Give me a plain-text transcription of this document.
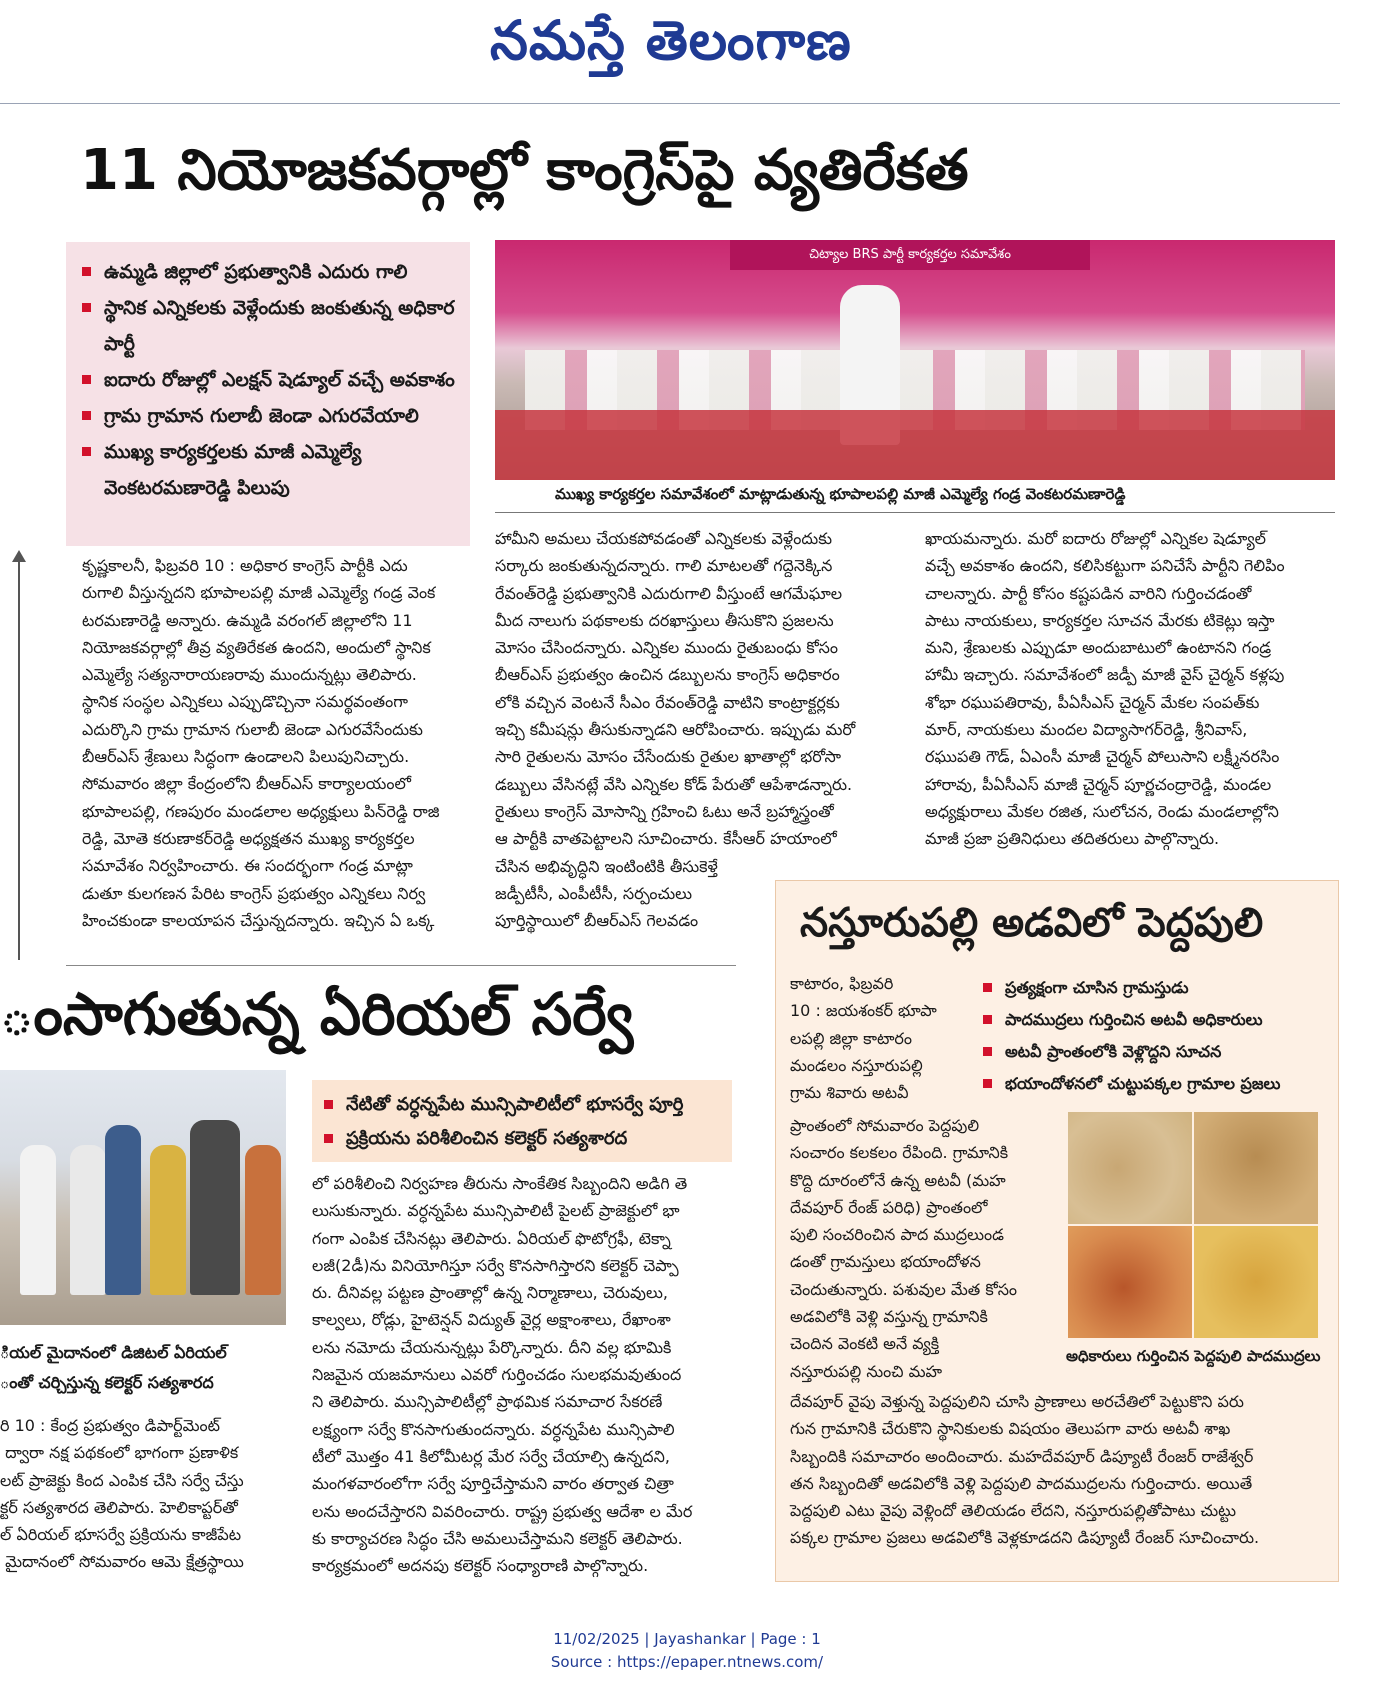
నమస్తే తెలంగాణ
11 నియోజకవర్గాల్లో కాంగ్రెస్‌పై వ్యతిరేకత
ఉమ్మడి జిల్లాలో ప్రభుత్వానికి ఎదురు గాలి
స్థానిక ఎన్నికలకు వెళ్లేందుకు జంకుతున్న అధికార పార్టీ
ఐదారు రోజుల్లో ఎలక్షన్‌ షెడ్యూల్‌ వచ్చే అవకాశం
గ్రామ గ్రామాన గులాబీ జెండా ఎగురవేయాలి
ముఖ్య కార్యకర్తలకు మాజీ ఎమ్మెల్యే వెంకటరమణారెడ్డి పిలుపు
చిట్యాల BRS పార్టీ కార్యకర్తల సమావేశం
ముఖ్య కార్యకర్తల సమావేశంలో మాట్లాడుతున్న భూపాలపల్లి మాజీ ఎమ్మెల్యే గండ్ర వెంకటరమణారెడ్డి
కృష్ణకాలనీ, ఫిబ్రవరి 10 : అధికార కాంగ్రెస్‌ పార్టీకి ఎదు
రుగాలి వీస్తున్నదని భూపాలపల్లి మాజీ ఎమ్మెల్యే గండ్ర వెంక
టరమణారెడ్డి అన్నారు. ఉమ్మడి వరంగల్‌ జిల్లాలోని 11
నియోజకవర్గాల్లో తీవ్ర వ్యతిరేకత ఉందని, అందులో స్థానిక
ఎమ్మెల్యే సత్యనారాయణరావు ముందున్నట్లు తెలిపారు.
స్థానిక సంస్థల ఎన్నికలు ఎప్పుడొచ్చినా సమర్థవంతంగా
ఎదుర్కొని గ్రామ గ్రామాన గులాబీ జెండా ఎగురవేసేందుకు
బీఆర్‌ఎస్‌ శ్రేణులు సిద్ధంగా ఉండాలని పిలుపునిచ్చారు.
సోమవారం జిల్లా కేంద్రంలోని బీఆర్‌ఎస్‌ కార్యాలయంలో
భూపాలపల్లి, గణపురం మండలాల అధ్యక్షులు పిన్‌రెడ్డి రాజి
రెడ్డి, మోతె కరుణాకర్‌రెడ్డి అధ్యక్షతన ముఖ్య కార్యకర్తల
సమావేశం నిర్వహించారు. ఈ సందర్భంగా గండ్ర మాట్లా
డుతూ కులగణన పేరిట కాంగ్రెస్‌ ప్రభుత్వం ఎన్నికలు నిర్వ
హించకుండా కాలయాపన చేస్తున్నదన్నారు. ఇచ్చిన ఏ ఒక్క
హామీని అమలు చేయకపోవడంతో ఎన్నికలకు వెళ్లేందుకు
సర్కారు జంకుతున్నదన్నారు. గాలి మాటలతో గద్దెనెక్కిన
రేవంత్‌రెడ్డి ప్రభుత్వానికి ఎదురుగాలి వీస్తుంటే ఆగమేఘాల
మీద నాలుగు పథకాలకు దరఖాస్తులు తీసుకొని ప్రజలను
మోసం చేసిందన్నారు. ఎన్నికల ముందు రైతుబంధు కోసం
బీఆర్‌ఎస్‌ ప్రభుత్వం ఉంచిన డబ్బులను కాంగ్రెస్‌ అధికారం
లోకి వచ్చిన వెంటనే సీఎం రేవంత్‌రెడ్డి వాటిని కాంట్రాక్టర్లకు
ఇచ్చి కమీషన్లు తీసుకున్నాడని ఆరోపించారు. ఇప్పుడు మరో
సారి రైతులను మోసం చేసేందుకు రైతుల ఖాతాల్లో భరోసా
డబ్బులు వేసినట్లే వేసి ఎన్నికల కోడ్‌ పేరుతో ఆపేశాడన్నారు.
రైతులు కాంగ్రెస్‌ మోసాన్ని గ్రహించి ఓటు అనే బ్రహ్మాస్త్రంతో
ఆ పార్టీకి వాతపెట్టాలని సూచించారు. కేసీఆర్‌ హయాంలో
చేసిన అభివృద్ధిని ఇంటింటికి తీసుకెళ్తే
జడ్పీటీసీ, ఎంపీటీసీ, సర్పంచులు
పూర్తిస్థాయిలో బీఆర్‌ఎస్‌ గెలవడం
ఖాయమన్నారు. మరో ఐదారు రోజుల్లో ఎన్నికల షెడ్యూల్‌
వచ్చే అవకాశం ఉందని, కలిసికట్టుగా పనిచేసే పార్టీని గెలిపిం
చాలన్నారు. పార్టీ కోసం కష్టపడిన వారిని గుర్తించడంతో
పాటు నాయకులు, కార్యకర్తల సూచన మేరకు టికెట్లు ఇస్తా
మని, శ్రేణులకు ఎప్పుడూ అందుబాటులో ఉంటానని గండ్ర
హామీ ఇచ్చారు. సమావేశంలో జడ్పీ మాజీ వైస్‌ చైర్మన్‌ కళ్లపు
శోభా రఘుపతిరావు, పీఏసీఎస్‌ చైర్మన్‌ మేకల సంపత్‌కు
మార్‌, నాయకులు మందల విద్యాసాగర్‌రెడ్డి, శ్రీనివాస్‌,
రఘుపతి గౌడ్‌, ఏఎంసీ మాజీ చైర్మన్‌ పోలుసాని లక్ష్మీనరసిం
హారావు, పీఏసీఎస్‌ మాజీ చైర్మన్‌ పూర్ణచంద్రారెడ్డి, మండల
అధ్యక్షురాలు మేకల రజిత, సులోచన, రెండు మండలాల్లోని
మాజీ ప్రజా ప్రతినిధులు తదితరులు పాల్గొన్నారు.
ంసాగుతున్న ఏరియల్‌ సర్వే
ియల్‌ మైదానంలో డిజిటల్‌ ఏరియల్‌
ంతో చర్చిస్తున్న కలెక్టర్‌ సత్యశారద
నేటితో వర్ధన్నపేట మున్సిపాలిటీలో భూసర్వే పూర్తి
ప్రక్రియను పరిశీలించిన కలెక్టర్‌ సత్యశారద
రి 10 : కేంద్ర ప్రభుత్వం డిపార్ట్‌మెంట్‌
ద్వారా నక్ష పథకంలో భాగంగా ప్రణాళిక
లట్‌ ప్రాజెక్టు కింద ఎంపిక చేసి సర్వే చేస్తు
క్టర్‌ సత్యశారద తెలిపారు. హెలికాప్టర్‌తో
ల్‌ ఏరియల్‌ భూసర్వే ప్రక్రియను కాజీపేట
మైదానంలో సోమవారం ఆమె క్షేత్రస్థాయి
లో పరిశీలించి నిర్వహణ తీరును సాంకేతిక సిబ్బందిని అడిగి తె
లుసుకున్నారు. వర్ధన్నపేట మున్సిపాలిటీ పైలట్‌ ప్రాజెక్టులో భా
గంగా ఎంపిక చేసినట్లు తెలిపారు. ఏరియల్‌ ఫొటోగ్రఫీ, టెక్నా
లజీ(2డీ)ను వినియోగిస్తూ సర్వే కొనసాగిస్తారని కలెక్టర్‌ చెప్పా
రు. దీనివల్ల పట్టణ ప్రాంతాల్లో ఉన్న నిర్మాణాలు, చెరువులు,
కాల్వలు, రోడ్లు, హైటెన్షన్‌ విద్యుత్‌ వైర్ల అక్షాంశాలు, రేఖాంశా
లను నమోదు చేయనున్నట్లు పేర్కొన్నారు. దీని వల్ల భూమికి
నిజమైన యజమానులు ఎవరో గుర్తించడం సులభమవుతుంద
ని తెలిపారు. మున్సిపాలిటీల్లో ప్రాథమిక సమాచార సేకరణే
లక్ష్యంగా సర్వే కొనసాగుతుందన్నారు. వర్ధన్నపేట మున్సిపాలి
టీలో మొత్తం 41 కిలోమీటర్ల మేర సర్వే చేయాల్సి ఉన్నదని,
మంగళవారంలోగా సర్వే పూర్తిచేస్తామని వారం తర్వాత చిత్రా
లను అందచేస్తారని వివరించారు. రాష్ట్ర ప్రభుత్వ ఆదేశా ల మేర
కు కార్యాచరణ సిద్ధం చేసి అమలుచేస్తామని కలెక్టర్‌ తెలిపారు.
కార్యక్రమంలో అదనపు కలెక్టర్‌ సంధ్యారాణి పాల్గొన్నారు.
నస్తూరుపల్లి అడవిలో పెద్దపులి
ప్రత్యక్షంగా చూసిన గ్రామస్తుడు
పాదముద్రలు గుర్తించిన అటవీ అధికారులు
అటవీ ప్రాంతంలోకి వెళ్లొద్దని సూచన
భయాందోళనలో చుట్టుపక్కల గ్రామాల ప్రజలు
కాటారం, ఫిబ్రవరి
10 : జయశంకర్‌ భూపా
లపల్లి జిల్లా కాటారం
మండలం నస్తూరుపల్లి
గ్రామ శివారు అటవీ
ప్రాంతంలో సోమవారం పెద్దపులి
సంచారం కలకలం రేపింది. గ్రామానికి
కొద్ది దూరంలోనే ఉన్న అటవీ (మహ
దేవపూర్‌ రేంజ్‌ పరిధి) ప్రాంతంలో
పులి సంచరించిన పాద ముద్రలుండ
డంతో గ్రామస్తులు భయాందోళన
చెందుతున్నారు. పశువుల మేత కోసం
అడవిలోకి వెళ్లి వస్తున్న గ్రామానికి
చెందిన వెంకటి అనే వ్యక్తి
నస్తూరుపల్లి నుంచి మహ
అధికారులు గుర్తించిన పెద్దపులి పాదముద్రలు
దేవపూర్‌ వైపు వెళ్తున్న పెద్దపులిని చూసి ప్రాణాలు అరచేతిలో పెట్టుకొని పరు
గున గ్రామానికి చేరుకొని స్థానికులకు విషయం తెలుపగా వారు అటవీ శాఖ
సిబ్బందికి సమాచారం అందించారు. మహదేవపూర్‌ డిప్యూటీ రేంజర్‌ రాజేశ్వర్‌
తన సిబ్బందితో అడవిలోకి వెళ్లి పెద్దపులి పాదముద్రలను గుర్తించారు. అయితే
పెద్దపులి ఎటు వైపు వెళ్లిందో తెలియడం లేదని, నస్తూరుపల్లితోపాటు చుట్టు
పక్కల గ్రామాల ప్రజలు అడవిలోకి వెళ్లకూడదని డిప్యూటీ రేంజర్‌ సూచించారు.
11/02/2025 | Jayashankar | Page : 1
Source : https://epaper.ntnews.com/
